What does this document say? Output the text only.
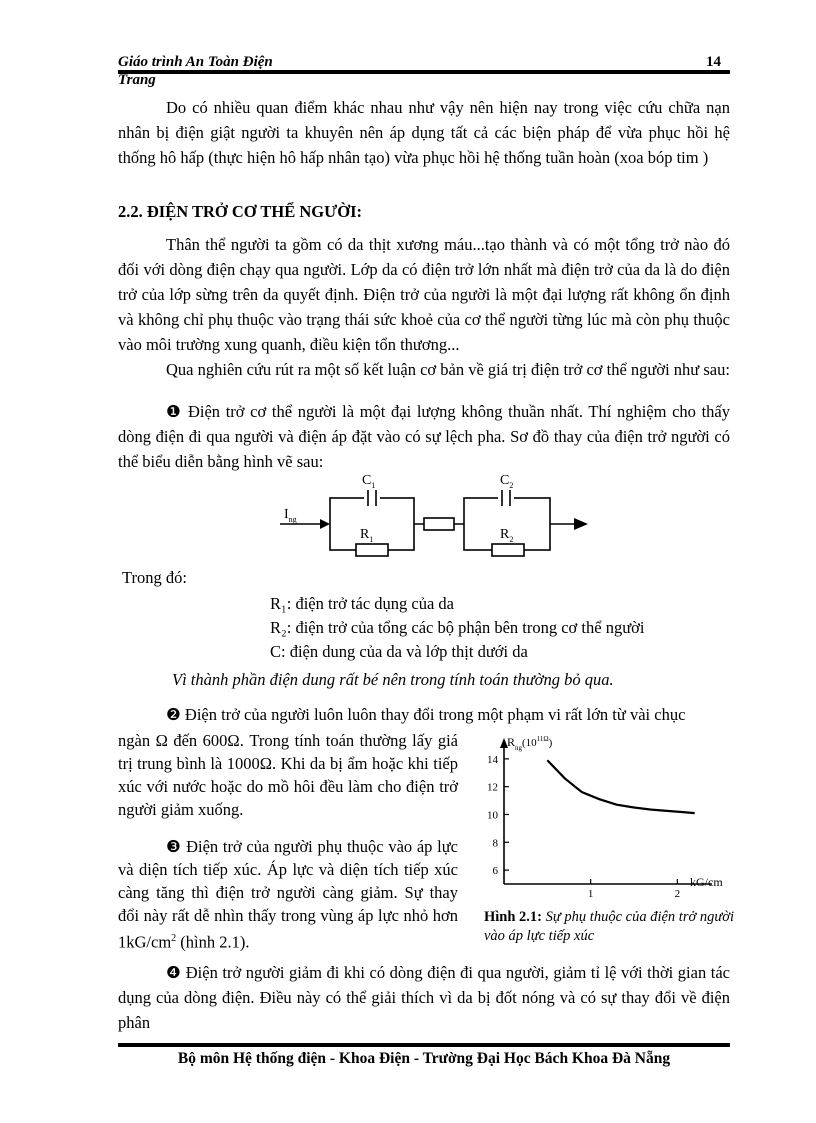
Giáo trình An Toàn Điện	14
Trang
Do có nhiều quan điểm khác nhau như vậy nên hiện nay trong việc cứu chữa nạn nhân bị điện giật người ta khuyên nên áp dụng tất cả các biện pháp để vừa phục hồi hệ thống hô hấp (thực hiện hô hấp nhân tạo) vừa phục hồi hệ thống tuần hoàn (xoa bóp tim )
2.2. ĐIỆN TRỞ CƠ THỂ NGƯỜI:
Thân thể người ta gồm có da thịt xương máu...tạo thành và có một tổng trở nào đó đối với dòng điện chạy qua người. Lớp da có điện trở lớn nhất mà điện trở của da là do điện trở của lớp sừng trên da quyết định. Điện trở của người là một đại lượng rất không ổn định và không chỉ phụ thuộc vào trạng thái sức khoẻ của cơ thể người từng lúc mà còn phụ thuộc vào môi trường xung quanh, điều kiện tổn thương...
Qua nghiên cứu rút ra một số kết luận cơ bản về giá trị điện trở cơ thể người như sau:
❶ Điện trở cơ thể người là một đại lượng không thuần nhất. Thí nghiệm cho thấy dòng điện đi qua người và điện áp đặt vào có sự lệch pha. Sơ đồ thay của điện trở người có thể biểu diễn bằng hình vẽ sau:
$C_1$	$C_2$
$R_1$	$R_2$
$I_{ng}$
Trong đó:
R₁: điện trở tác dụng của da
R₂: điện trở của tổng các bộ phận bên trong cơ thể người
C: điện dung của da và lớp thịt dưới da
Vì thành phần điện dung rất bé nên trong tính toán thường bỏ qua.
❷ Điện trở của người luôn luôn thay đổi trong một phạm vi rất lớn từ vài chục
ngàn Ω đến 600Ω. Trong tính toán thường lấy giá trị trung bình là 1000Ω. Khi da bị ẩm hoặc khi tiếp xúc với nước hoặc do mồ hôi đều làm cho điện trở người giảm xuống.
❸ Điện trở của người phụ thuộc vào áp lực và diện tích tiếp xúc. Áp lực và diện tích tiếp xúc càng tăng thì điện trở người càng giảm. Sự thay đổi này rất dễ nhìn thấy trong vùng áp lực nhỏ hơn $1kG/cm^2$ (hình 2.1).
6
8
10
12
14
1	2
$R_{ng}(10^{11\Omega})$
kG/cm
Hình 2.1: Sự phụ thuộc của điện trở người vào áp lực tiếp xúc
❹ Điện trở người giảm đi khi có dòng điện đi qua người, giảm tỉ lệ với thời gian tác dụng của dòng điện. Điều này có thể giải thích vì da bị đốt nóng và có sự thay đổi về điện phân
Bộ môn Hệ thống điện - Khoa Điện - Trường Đại Học Bách Khoa Đà Nẵng
